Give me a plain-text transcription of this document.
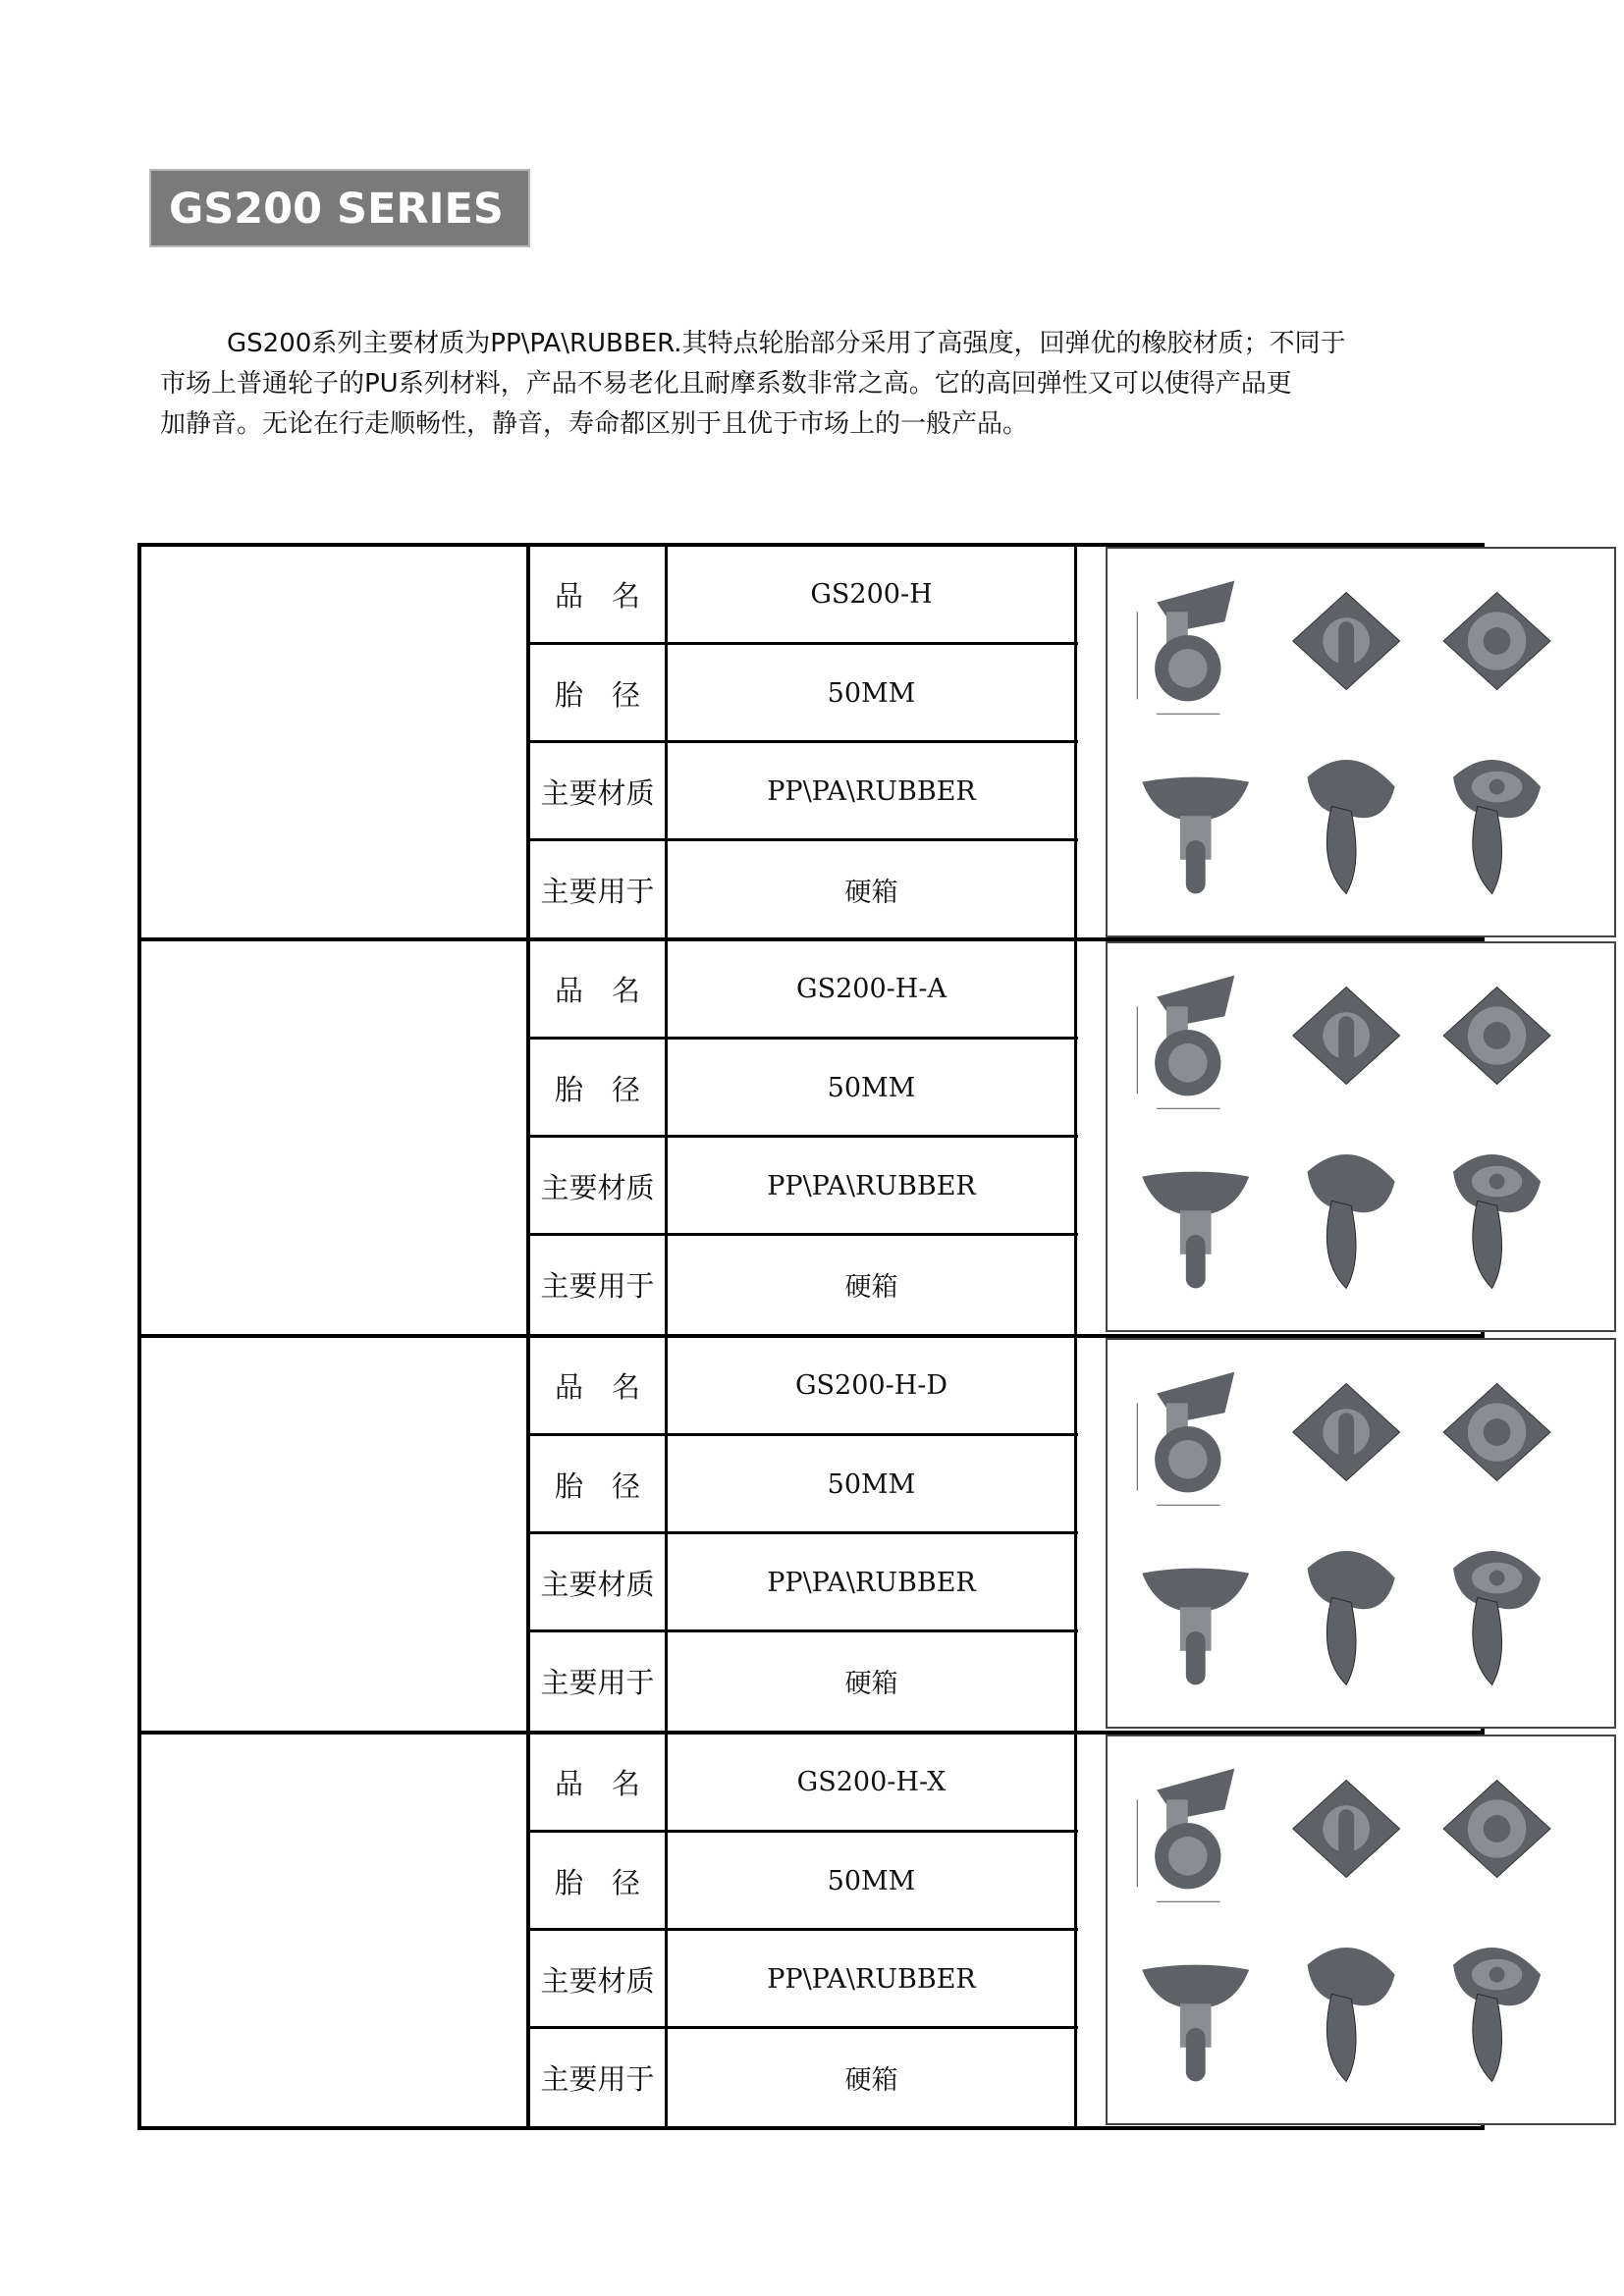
GS200 SERIES
GS200系列主要材质为PP\PA\RUBBER.其特点轮胎部分采用了高强度，回弹优的橡胶材质；不同于
市场上普通轮子的PU系列材料，产品不易老化且耐摩系数非常之高。它的高回弹性又可以使得产品更
加静音。无论在行走顺畅性，静音，寿命都区别于且优于市场上的一般产品。
品　名	GS200-H
胎　径	50MM
主要材质	PP\PA\RUBBER
主要用于	硬箱
品　名	GS200-H-A
胎　径	50MM
主要材质	PP\PA\RUBBER
主要用于	硬箱
品　名	GS200-H-D
胎　径	50MM
主要材质	PP\PA\RUBBER
主要用于	硬箱
品　名	GS200-H-X
胎　径	50MM
主要材质	PP\PA\RUBBER
主要用于	硬箱
